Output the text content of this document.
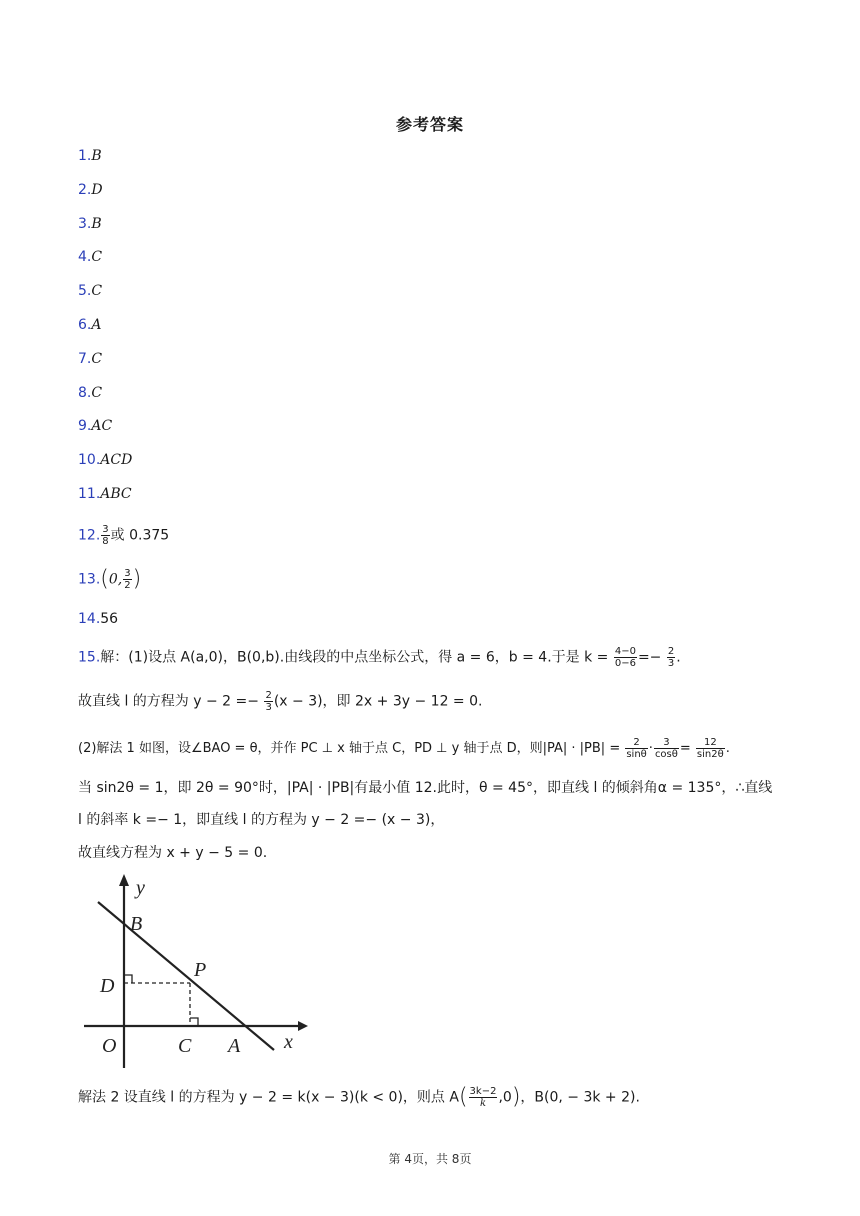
参考答案
1.B
2.D
3.B
4.C
5.C
6.A
7.C
8.C
9.AC
10.ACD
11.ABC
12. $\frac{3}{8}$ 或 0.375
13.(0, $\frac{3}{2}$ )
14.56
15.解：(1)设点 A(a,0)，B(0,b).由线段的中点坐标公式，得 a = 6，b = 4.于是 $k = \frac{4-0}{0-6} =- \frac{2}{3}$ .
故直线 l 的方程为 $y - 2 =- \frac{2}{3} (x - 3)$，即 2x + 3y − 12 = 0.
(2)解法 1 如图，设∠BAO = θ，并作 PC ⊥ x 轴于点 C，PD ⊥ y 轴于点 D，则$|PA| \cdot |PB| = \frac{2}{\sin\theta} \cdot \frac{3}{\cos\theta} = \frac{12}{\sin 2\theta}$ .
当 sin2θ = 1，即 2θ = 90°时，|PA| · |PB|有最小值 12.此时，θ = 45°，即直线 l 的倾斜角α = 135°，∴直线
l 的斜率 k =− 1，即直线 l 的方程为 y − 2 =− (x − 3)，
故直线方程为 x + y − 5 = 0.
y
B
D
P
O	C A x
解法 2 设直线 l 的方程为 y − 2 = k(x − 3)(k < 0)，则点 $A( \frac{3k-2}{k} ,0)$，B(0, − 3k + 2).
第 4页，共 8页
